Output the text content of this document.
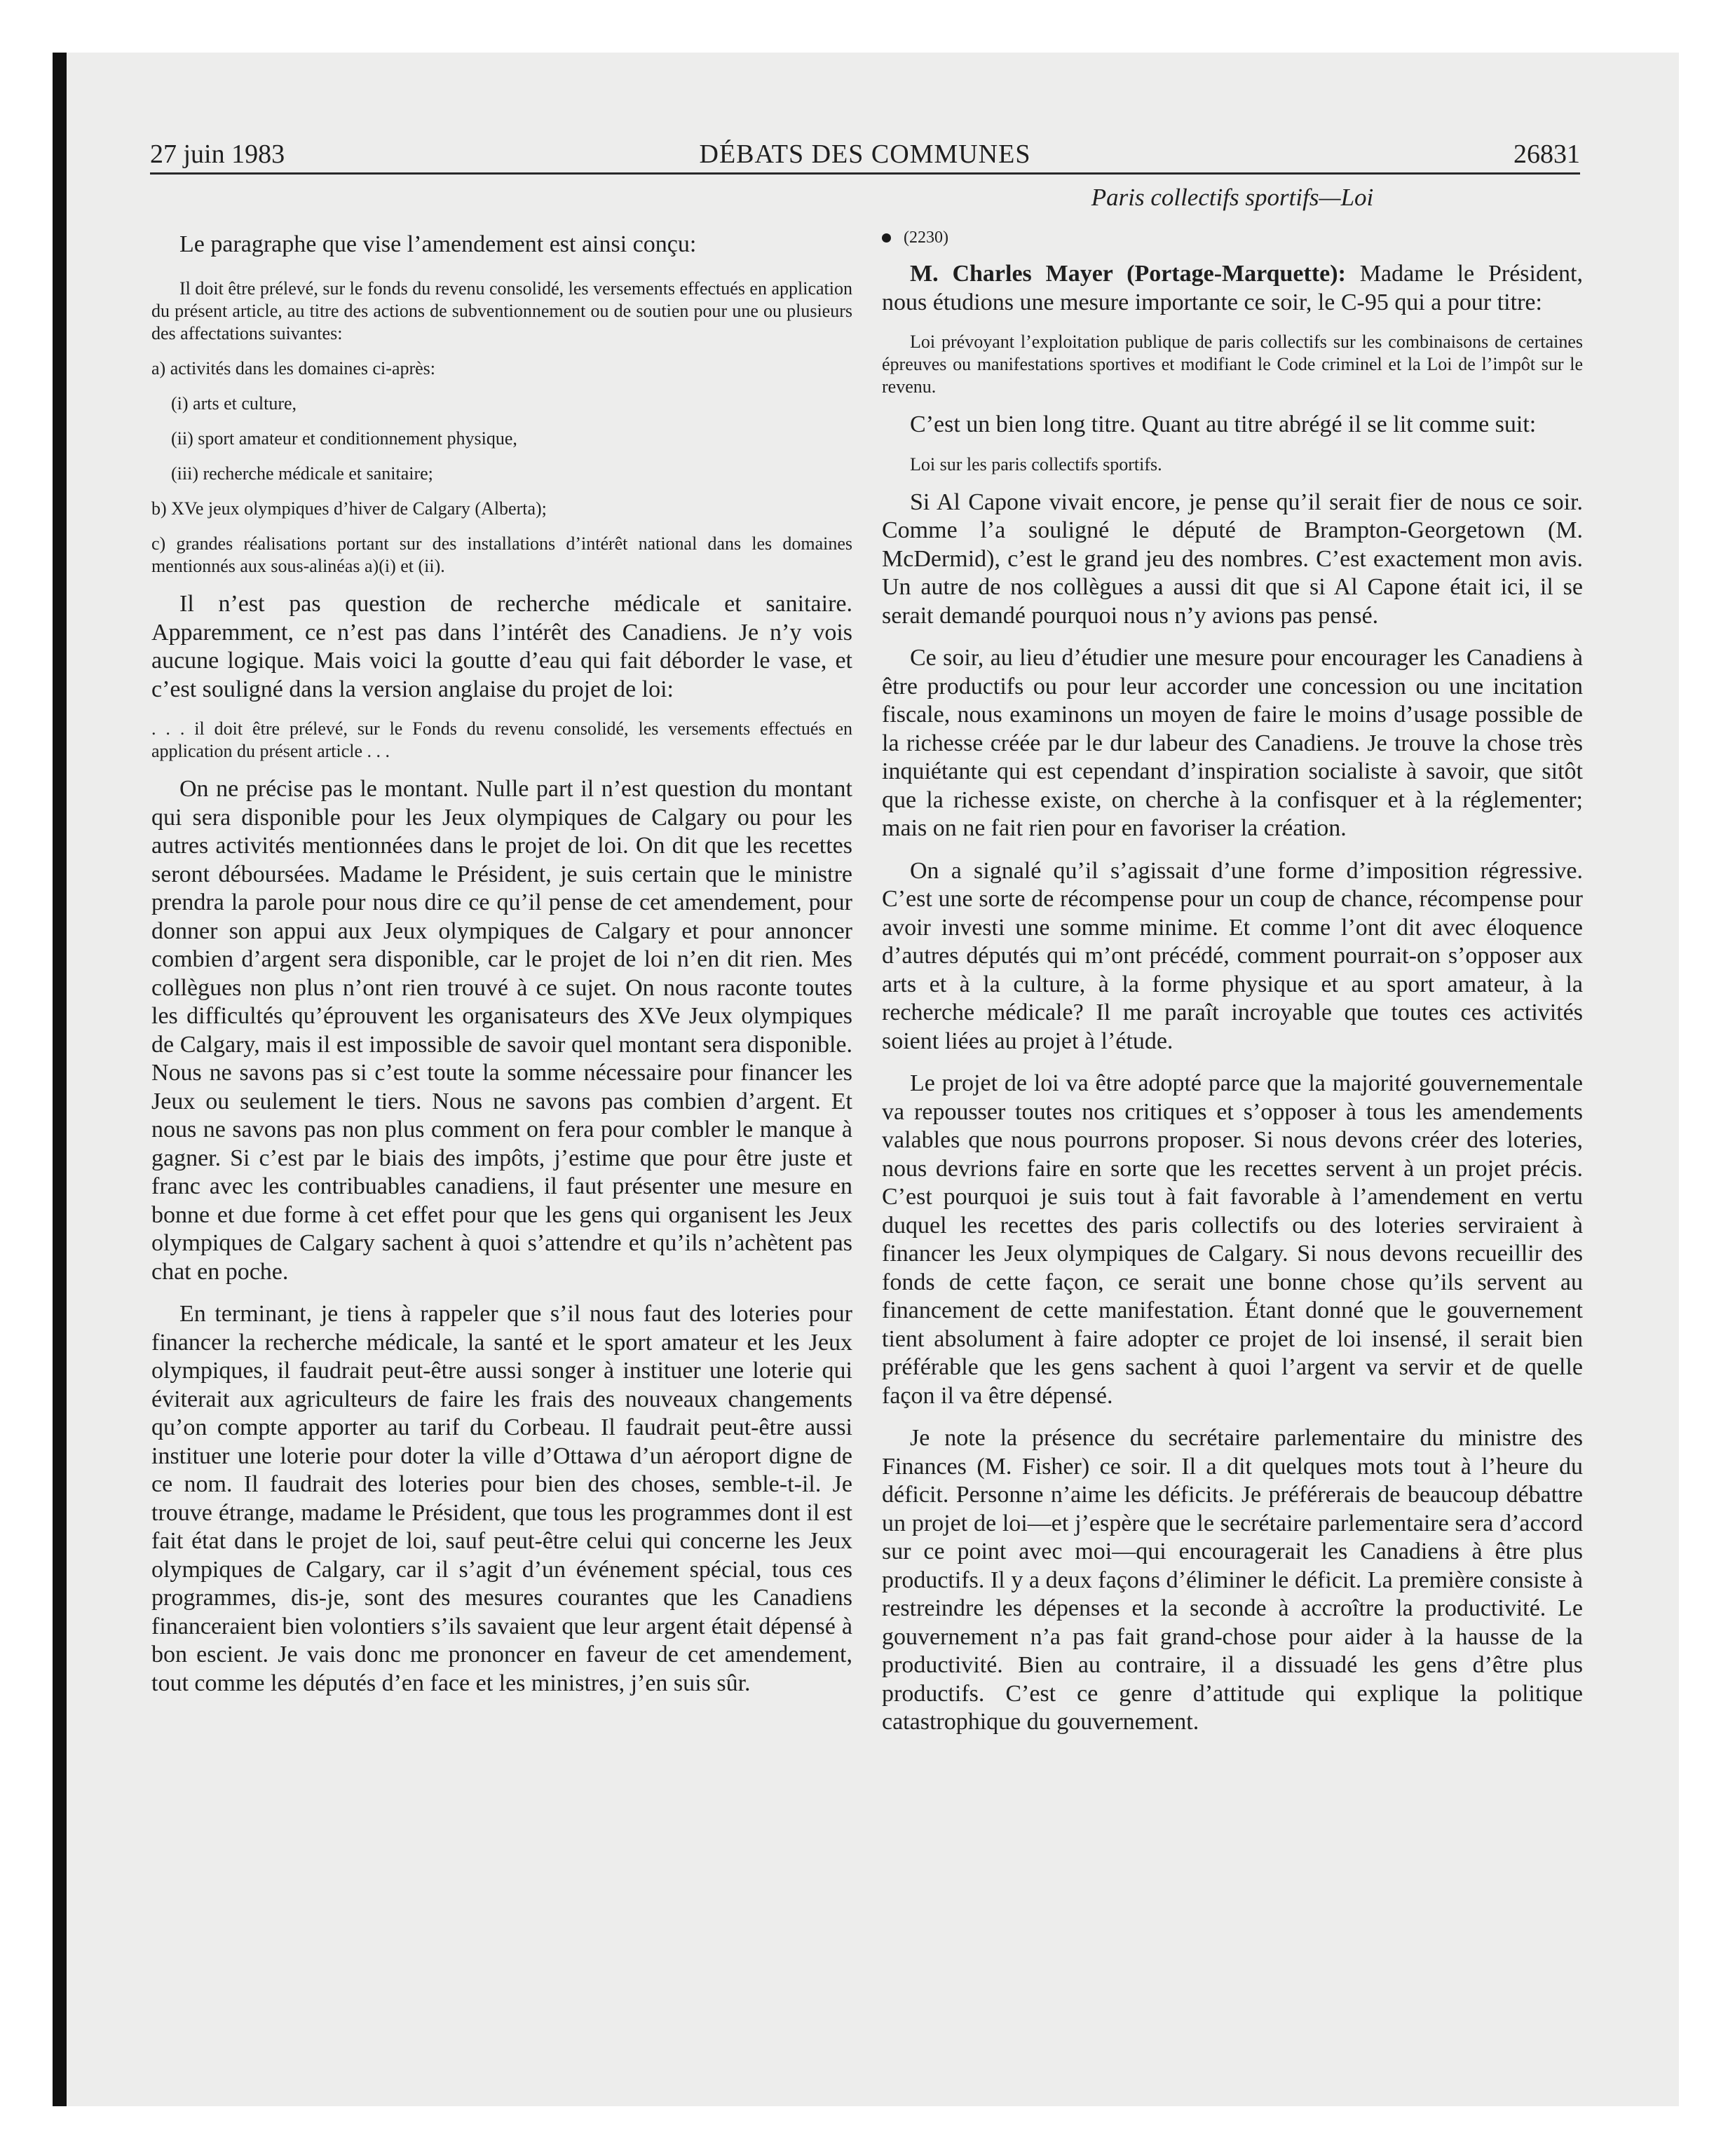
27 juin 1983	DÉBATS DES COMMUNES	26831

Le paragraphe que vise l’amendement est ainsi conçu:

Il doit être prélevé, sur le fonds du revenu consolidé, les versements effectués en application du présent article, au titre des actions de subventionnement ou de soutien pour une ou plusieurs des affectations suivantes:

a) activités dans les domaines ci-après:

(i) arts et culture,

(ii) sport amateur et conditionnement physique,

(iii) recherche médicale et sanitaire;

b) XVe jeux olympiques d’hiver de Calgary (Alberta);

c) grandes réalisations portant sur des installations d’intérêt national dans les domaines mentionnés aux sous-alinéas a)(i) et (ii).

Il n’est pas question de recherche médicale et sanitaire. Apparemment, ce n’est pas dans l’intérêt des Canadiens. Je n’y vois aucune logique. Mais voici la goutte d’eau qui fait déborder le vase, et c’est souligné dans la version anglaise du projet de loi:

. . . il doit être prélevé, sur le Fonds du revenu consolidé, les versements effectués en application du présent article . . .

On ne précise pas le montant. Nulle part il n’est question du montant qui sera disponible pour les Jeux olympiques de Calgary ou pour les autres activités mentionnées dans le projet de loi. On dit que les recettes seront déboursées. Madame le Président, je suis certain que le ministre prendra la parole pour nous dire ce qu’il pense de cet amendement, pour donner son appui aux Jeux olympiques de Calgary et pour annoncer combien d’argent sera disponible, car le projet de loi n’en dit rien. Mes collègues non plus n’ont rien trouvé à ce sujet. On nous raconte toutes les difficultés qu’éprouvent les organisateurs des XVe Jeux olympiques de Calgary, mais il est impossible de savoir quel montant sera disponible. Nous ne savons pas si c’est toute la somme nécessaire pour financer les Jeux ou seulement le tiers. Nous ne savons pas combien d’argent. Et nous ne savons pas non plus comment on fera pour combler le manque à gagner. Si c’est par le biais des impôts, j’estime que pour être juste et franc avec les contribuables canadiens, il faut présenter une mesure en bonne et due forme à cet effet pour que les gens qui organisent les Jeux olympiques de Calgary sachent à quoi s’attendre et qu’ils n’achètent pas chat en poche.

En terminant, je tiens à rappeler que s’il nous faut des loteries pour financer la recherche médicale, la santé et le sport amateur et les Jeux olympiques, il faudrait peut-être aussi songer à instituer une loterie qui éviterait aux agriculteurs de faire les frais des nouveaux changements qu’on compte apporter au tarif du Corbeau. Il faudrait peut-être aussi instituer une loterie pour doter la ville d’Ottawa d’un aéroport digne de ce nom. Il faudrait des loteries pour bien des choses, semble-t-il. Je trouve étrange, madame le Président, que tous les programmes dont il est fait état dans le projet de loi, sauf peut-être celui qui concerne les Jeux olympiques de Calgary, car il s’agit d’un événement spécial, tous ces programmes, dis-je, sont des mesures courantes que les Canadiens financeraient bien volontiers s’ils savaient que leur argent était dépensé à bon escient. Je vais donc me prononcer en faveur de cet amendement, tout comme les députés d’en face et les ministres, j’en suis sûr.

Paris collectifs sportifs—Loi

(2230)

M. Charles Mayer (Portage-Marquette): Madame le Président, nous étudions une mesure importante ce soir, le C-95 qui a pour titre:

Loi prévoyant l’exploitation publique de paris collectifs sur les combinaisons de certaines épreuves ou manifestations sportives et modifiant le Code criminel et la Loi de l’impôt sur le revenu.

C’est un bien long titre. Quant au titre abrégé il se lit comme suit:

Loi sur les paris collectifs sportifs.

Si Al Capone vivait encore, je pense qu’il serait fier de nous ce soir. Comme l’a souligné le député de Brampton-Georgetown (M. McDermid), c’est le grand jeu des nombres. C’est exactement mon avis. Un autre de nos collègues a aussi dit que si Al Capone était ici, il se serait demandé pourquoi nous n’y avions pas pensé.

Ce soir, au lieu d’étudier une mesure pour encourager les Canadiens à être productifs ou pour leur accorder une concession ou une incitation fiscale, nous examinons un moyen de faire le moins d’usage possible de la richesse créée par le dur labeur des Canadiens. Je trouve la chose très inquiétante qui est cependant d’inspiration socialiste à savoir, que sitôt que la richesse existe, on cherche à la confisquer et à la réglementer; mais on ne fait rien pour en favoriser la création.

On a signalé qu’il s’agissait d’une forme d’imposition régressive. C’est une sorte de récompense pour un coup de chance, récompense pour avoir investi une somme minime. Et comme l’ont dit avec éloquence d’autres députés qui m’ont précédé, comment pourrait-on s’opposer aux arts et à la culture, à la forme physique et au sport amateur, à la recherche médicale? Il me paraît incroyable que toutes ces activités soient liées au projet à l’étude.

Le projet de loi va être adopté parce que la majorité gouvernementale va repousser toutes nos critiques et s’opposer à tous les amendements valables que nous pourrons proposer. Si nous devons créer des loteries, nous devrions faire en sorte que les recettes servent à un projet précis. C’est pourquoi je suis tout à fait favorable à l’amendement en vertu duquel les recettes des paris collectifs ou des loteries serviraient à financer les Jeux olympiques de Calgary. Si nous devons recueillir des fonds de cette façon, ce serait une bonne chose qu’ils servent au financement de cette manifestation. Étant donné que le gouvernement tient absolument à faire adopter ce projet de loi insensé, il serait bien préférable que les gens sachent à quoi l’argent va servir et de quelle façon il va être dépensé.

Je note la présence du secrétaire parlementaire du ministre des Finances (M. Fisher) ce soir. Il a dit quelques mots tout à l’heure du déficit. Personne n’aime les déficits. Je préférerais de beaucoup débattre un projet de loi—et j’espère que le secrétaire parlementaire sera d’accord sur ce point avec moi—qui encouragerait les Canadiens à être plus productifs. Il y a deux façons d’éliminer le déficit. La première consiste à restreindre les dépenses et la seconde à accroître la productivité. Le gouvernement n’a pas fait grand-chose pour aider à la hausse de la productivité. Bien au contraire, il a dissuadé les gens d’être plus productifs. C’est ce genre d’attitude qui explique la politique catastrophique du gouvernement.
